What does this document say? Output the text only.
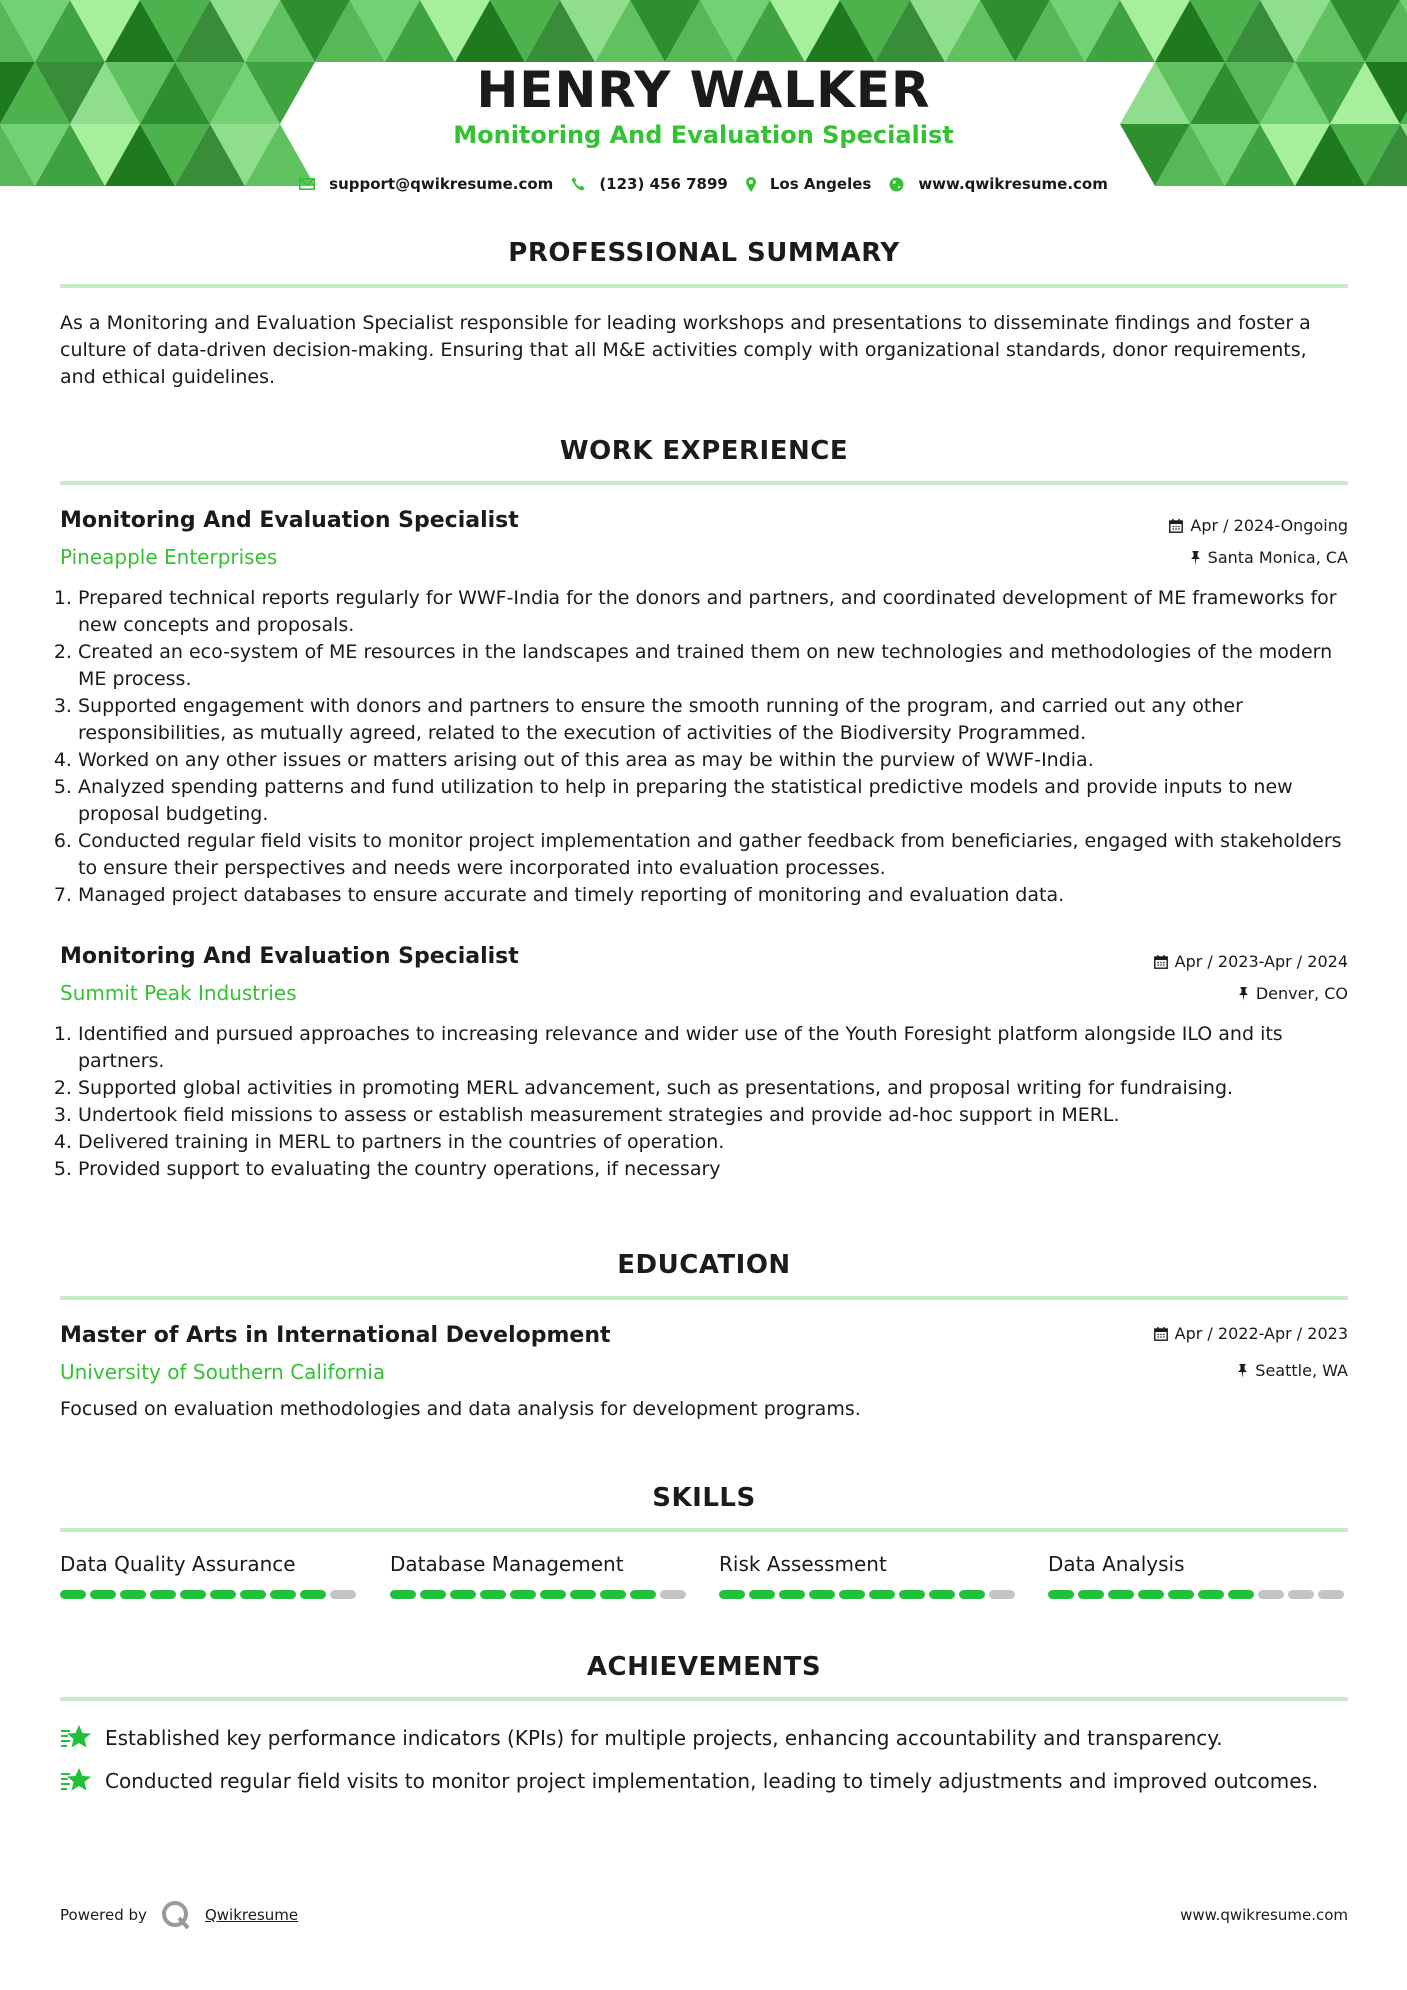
HENRY WALKER
Monitoring And Evaluation Specialist
support@qwikresume.com	(123) 456 7899	Los Angeles	www.qwikresume.com
PROFESSIONAL SUMMARY
As a Monitoring and Evaluation Specialist responsible for leading workshops and presentations to disseminate findings and foster a culture of data-driven decision-making. Ensuring that all M&E activities comply with organizational standards, donor requirements, and ethical guidelines.
WORK EXPERIENCE
Monitoring And Evaluation Specialist
Pineapple Enterprises
Apr / 2024-Ongoing
Santa Monica, CA
1. Prepared technical reports regularly for WWF-India for the donors and partners, and coordinated development of ME frameworks for new concepts and proposals.
2. Created an eco-system of ME resources in the landscapes and trained them on new technologies and methodologies of the modern ME process.
3. Supported engagement with donors and partners to ensure the smooth running of the program, and carried out any other responsibilities, as mutually agreed, related to the execution of activities of the Biodiversity Programmed.
4. Worked on any other issues or matters arising out of this area as may be within the purview of WWF-India.
5. Analyzed spending patterns and fund utilization to help in preparing the statistical predictive models and provide inputs to new proposal budgeting.
6. Conducted regular field visits to monitor project implementation and gather feedback from beneficiaries, engaged with stakeholders to ensure their perspectives and needs were incorporated into evaluation processes.
7. Managed project databases to ensure accurate and timely reporting of monitoring and evaluation data.
Monitoring And Evaluation Specialist
Summit Peak Industries
Apr / 2023-Apr / 2024
Denver, CO
1. Identified and pursued approaches to increasing relevance and wider use of the Youth Foresight platform alongside ILO and its partners.
2. Supported global activities in promoting MERL advancement, such as presentations, and proposal writing for fundraising.
3. Undertook field missions to assess or establish measurement strategies and provide ad-hoc support in MERL.
4. Delivered training in MERL to partners in the countries of operation.
5. Provided support to evaluating the country operations, if necessary
EDUCATION
Master of Arts in International Development
University of Southern California
Apr / 2022-Apr / 2023
Seattle, WA
Focused on evaluation methodologies and data analysis for development programs.
SKILLS
Data Quality Assurance	Database Management	Risk Assessment	Data Analysis
ACHIEVEMENTS
Established key performance indicators (KPIs) for multiple projects, enhancing accountability and transparency.
Conducted regular field visits to monitor project implementation, leading to timely adjustments and improved outcomes.
Powered by	Qwikresume	www.qwikresume.com
